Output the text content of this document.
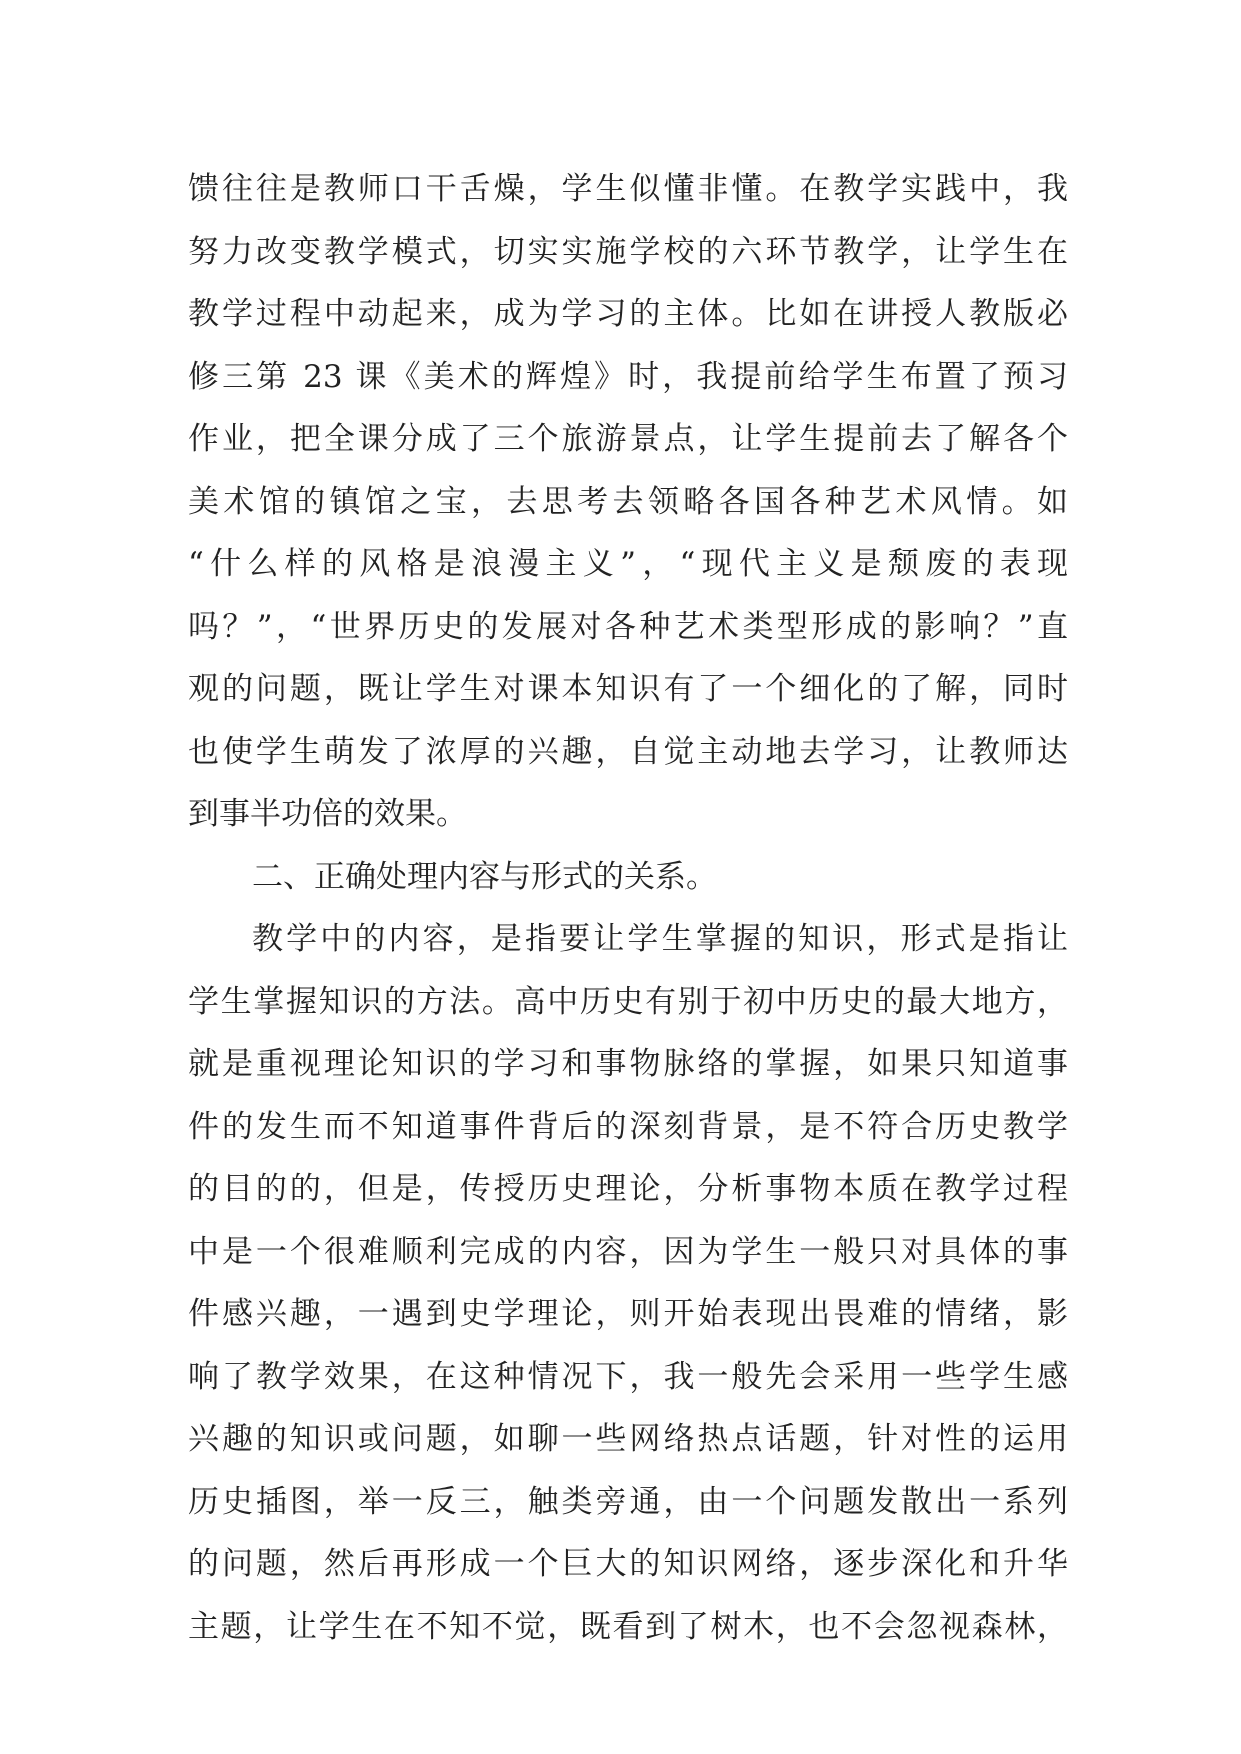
馈往往是教师口干舌燥，学生似懂非懂。在教学实践中，我
努力改变教学模式，切实实施学校的六环节教学，让学生在
教学过程中动起来，成为学习的主体。比如在讲授人教版必
修三第 23 课《美术的辉煌》时，我提前给学生布置了预习
作业，把全课分成了三个旅游景点，让学生提前去了解各个
美术馆的镇馆之宝，去思考去领略各国各种艺术风情。如
“什么样的风格是浪漫主义”，“现代主义是颓废的表现
吗？”，“世界历史的发展对各种艺术类型形成的影响？”直
观的问题，既让学生对课本知识有了一个细化的了解，同时
也使学生萌发了浓厚的兴趣，自觉主动地去学习，让教师达
到事半功倍的效果。
二、正确处理内容与形式的关系。
教学中的内容，是指要让学生掌握的知识，形式是指让
学生掌握知识的方法。高中历史有别于初中历史的最大地方，
就是重视理论知识的学习和事物脉络的掌握，如果只知道事
件的发生而不知道事件背后的深刻背景，是不符合历史教学
的目的的，但是，传授历史理论，分析事物本质在教学过程
中是一个很难顺利完成的内容，因为学生一般只对具体的事
件感兴趣，一遇到史学理论，则开始表现出畏难的情绪，影
响了教学效果，在这种情况下，我一般先会采用一些学生感
兴趣的知识或问题，如聊一些网络热点话题，针对性的运用
历史插图，举一反三，触类旁通，由一个问题发散出一系列
的问题，然后再形成一个巨大的知识网络，逐步深化和升华
主题，让学生在不知不觉，既看到了树木，也不会忽视森林，
